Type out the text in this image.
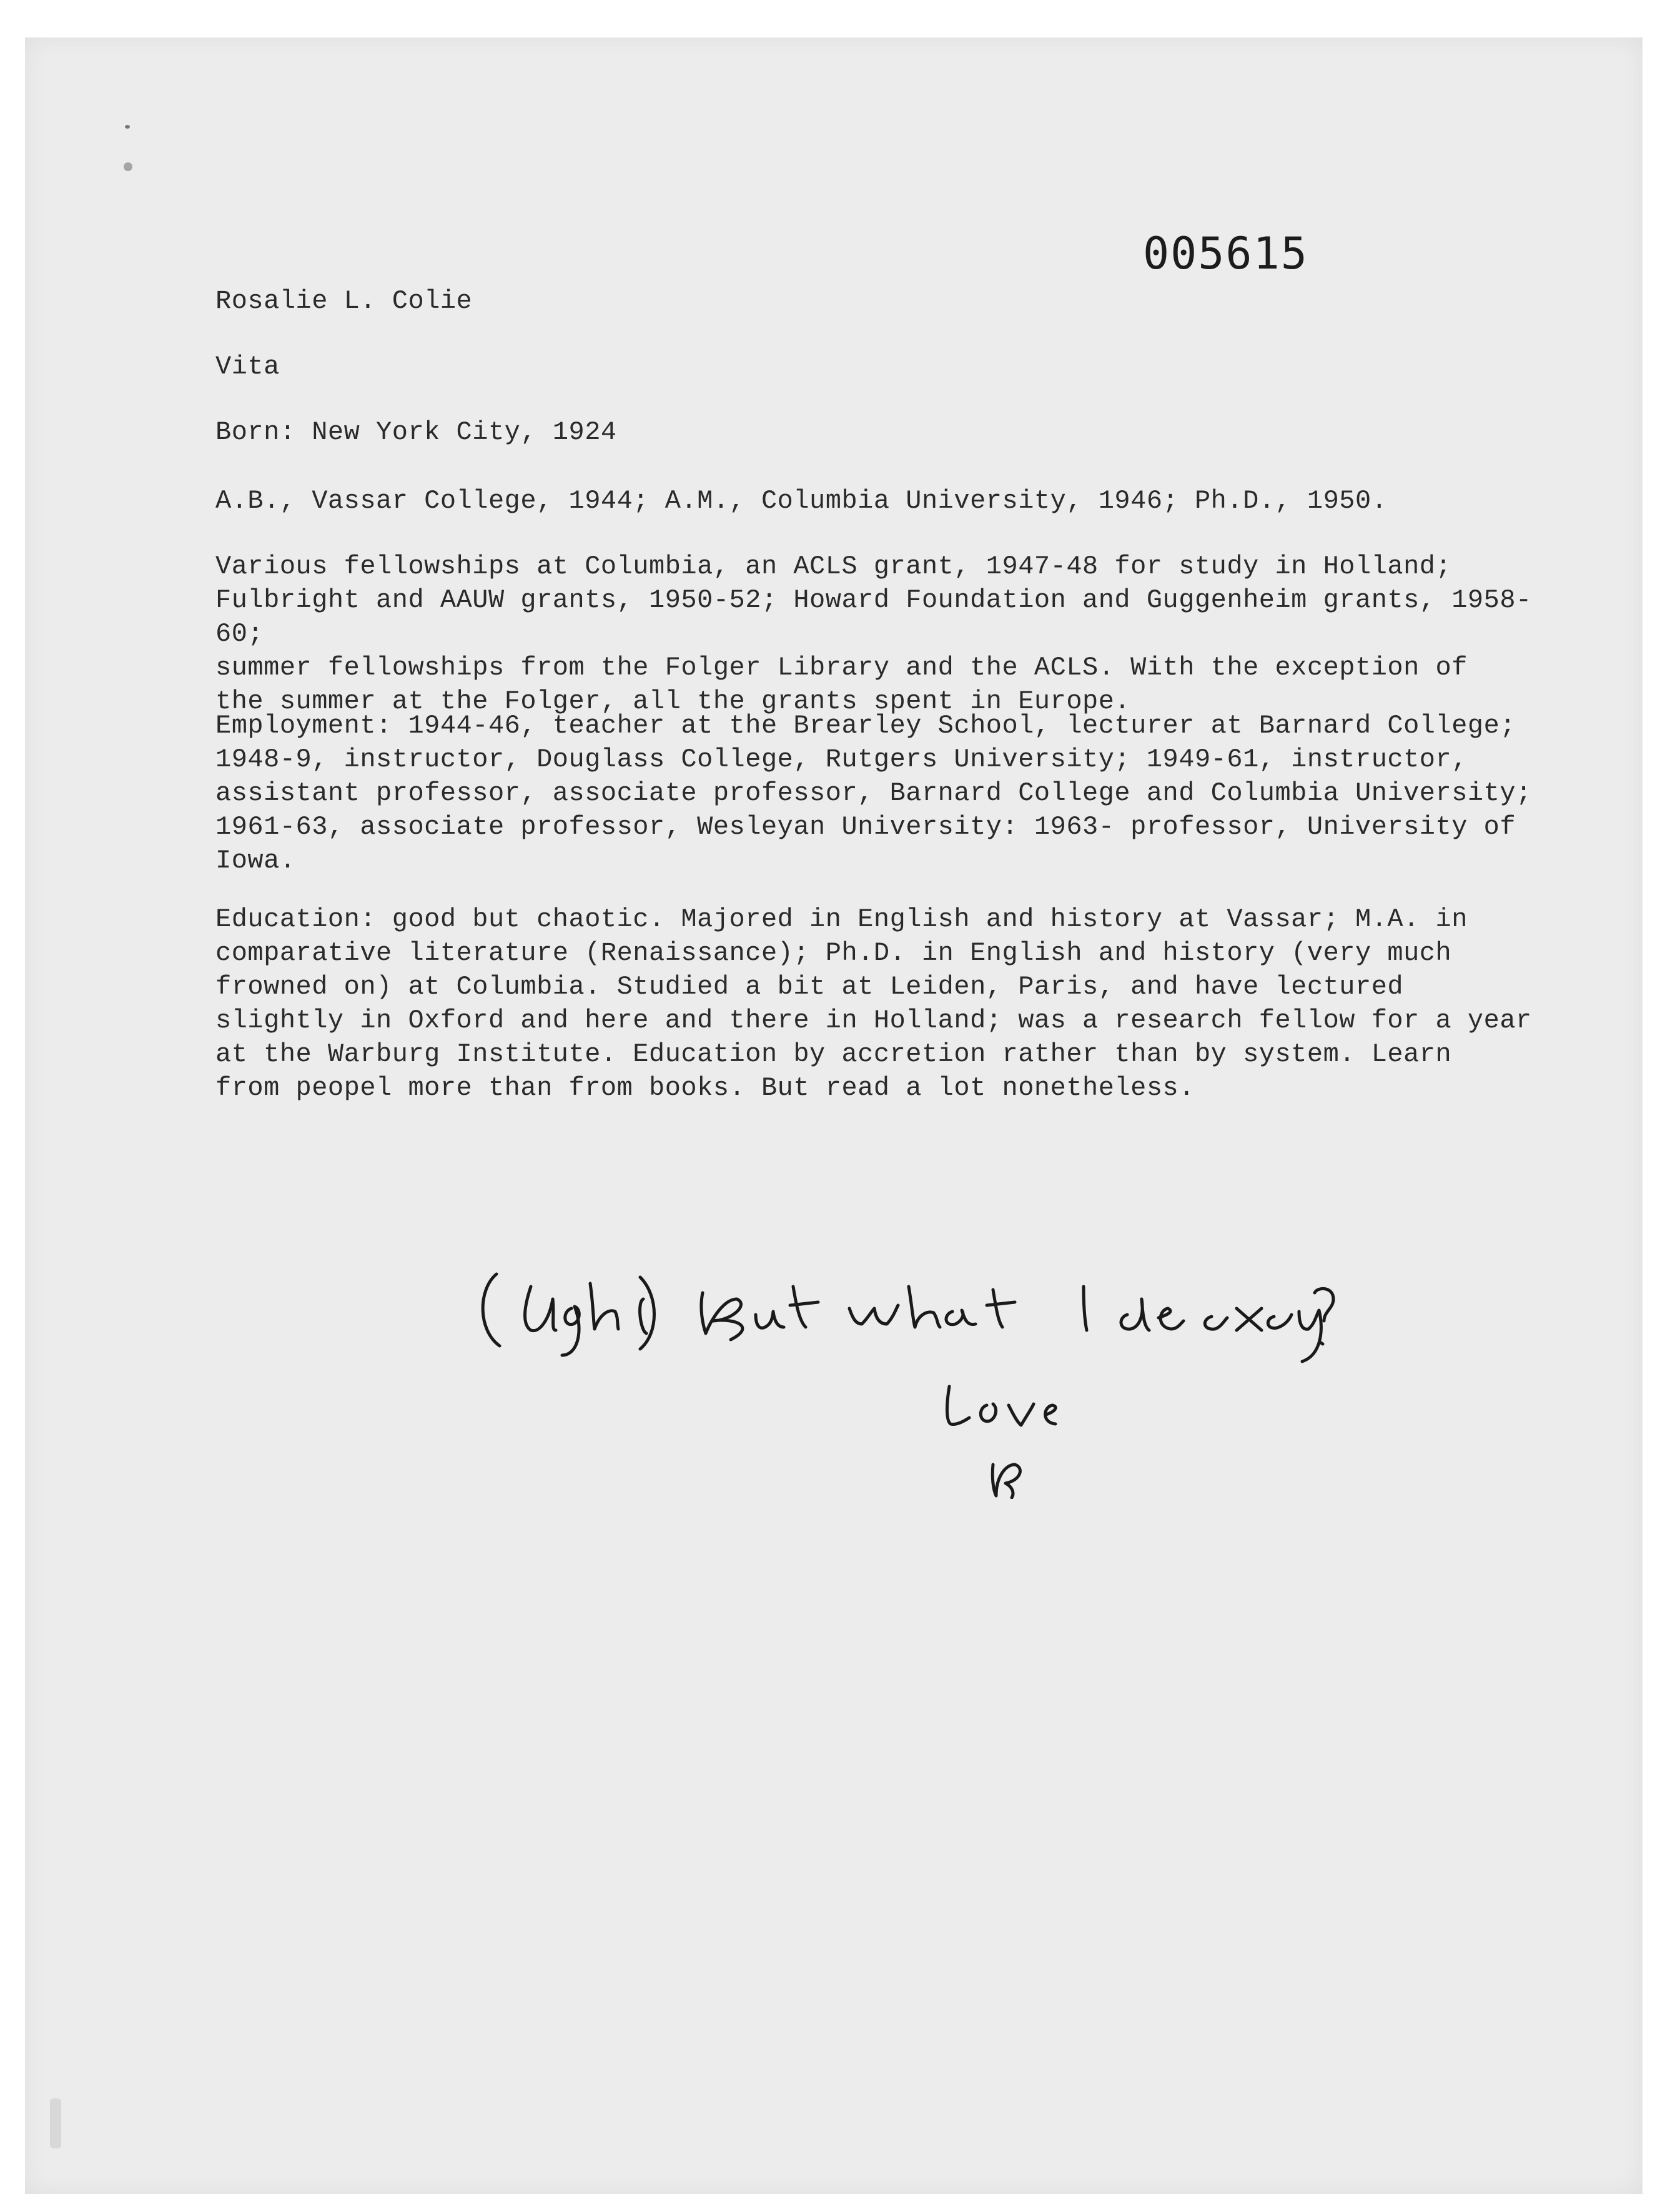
005615
Rosalie L. Colie
Vita
Born: New York City, 1924
A.B., Vassar College, 1944; A.M., Columbia University, 1946; Ph.D., 1950.
Various fellowships at Columbia, an ACLS grant, 1947-48 for study in Holland;
Fulbright and AAUW grants, 1950-52; Howard Foundation and Guggenheim grants, 1958-60;
summer fellowships from the Folger Library and the ACLS. With the exception of
the summer at the Folger, all the grants spent in Europe.
Employment: 1944-46, teacher at the Brearley School, lecturer at Barnard College;
1948-9, instructor, Douglass College, Rutgers University; 1949-61, instructor,
assistant professor, associate professor, Barnard College and Columbia University;
1961-63, associate professor, Wesleyan University: 1963- professor, University of
Iowa.
Education: good but chaotic. Majored in English and history at Vassar; M.A. in
comparative literature (Renaissance); Ph.D. in English and history (very much
frowned on) at Columbia. Studied a bit at Leiden, Paris, and have lectured
slightly in Oxford and here and there in Holland; was a research fellow for a year
at the Warburg Institute. Education by accretion rather than by system. Learn
from peopel more than from books. But read a lot nonetheless.
